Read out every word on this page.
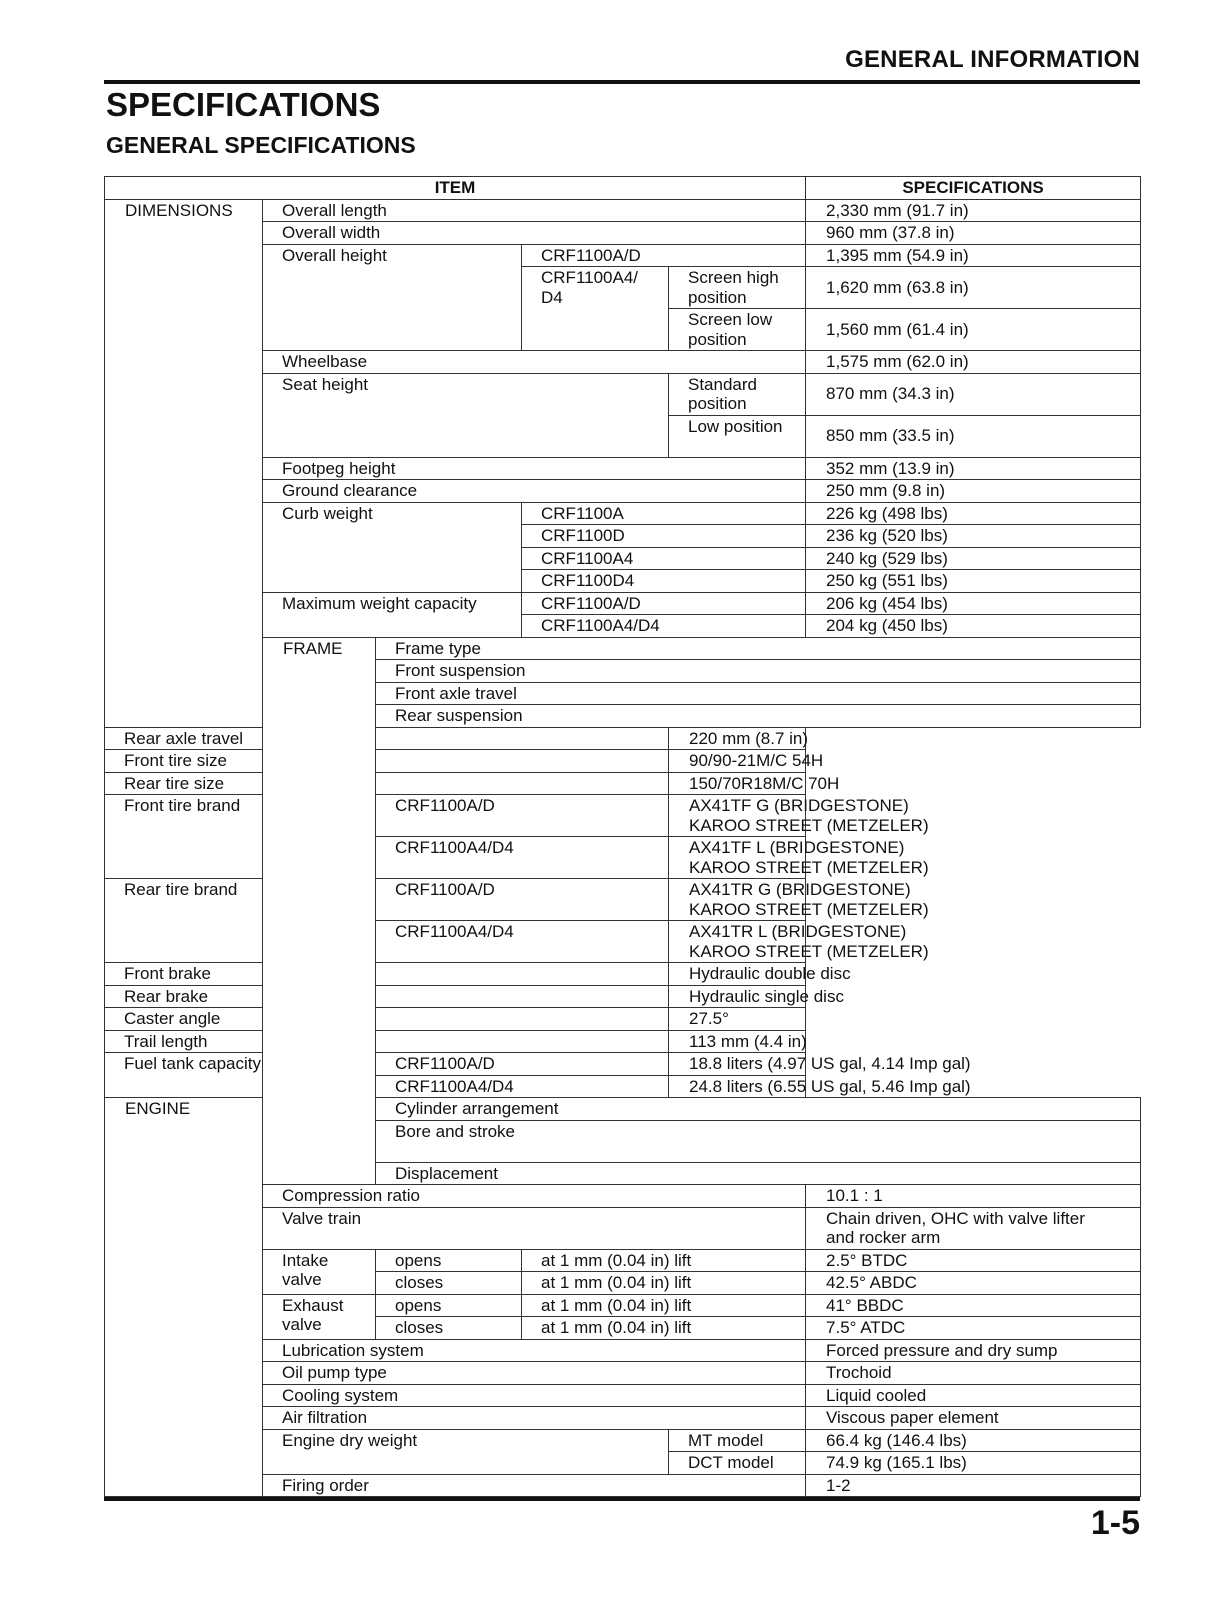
GENERAL INFORMATION
SPECIFICATIONS
GENERAL SPECIFICATIONS
ITEM					SPECIFICATIONS	
DIMENSIONS	Overall length				2,330 mm (91.7 in)	
	Overall width				960 mm (37.8 in)	
	Overall height		CRF1100A/D		1,395 mm (54.9 in)	
			CRF1100A4/ D4	Screen high position	1,620 mm (63.8 in)	
				Screen low position	1,560 mm (61.4 in)	
	Wheelbase				1,575 mm (62.0 in)	
	Seat height			Standard position	870 mm (34.3 in)	
				Low position	850 mm (33.5 in)	
	Footpeg height				352 mm (13.9 in)	
	Ground clearance				250 mm (9.8 in)	
	Curb weight		CRF1100A		226 kg (498 lbs)	
			CRF1100D		236 kg (520 lbs)	
			CRF1100A4		240 kg (529 lbs)	
			CRF1100D4		250 kg (551 lbs)	
	Maximum weight capacity		CRF1100A/D		206 kg (454 lbs)	
			CRF1100A4/D4		204 kg (450 lbs)	
	FRAME	Frame type	
		Front suspension	
		Front axle travel	
		Rear suspension	
Rear axle travel				220 mm (8.7 in)		
Front tire size				90/90-21M/C 54H		
Rear tire size				150/70R18M/C 70H		
Front tire brand		CRF1100A/D		AX41TF G (BRIDGESTONE)
KAROO STREET (METZELER)		
		CRF1100A4/D4		AX41TF L (BRIDGESTONE)
KAROO STREET (METZELER)		
Rear tire brand		CRF1100A/D		AX41TR G (BRIDGESTONE)
KAROO STREET (METZELER)		
		CRF1100A4/D4		AX41TR L (BRIDGESTONE)
KAROO STREET (METZELER)		
Front brake				Hydraulic double disc		
Rear brake				Hydraulic single disc		
Caster angle				27.5°		
Trail length				113 mm (4.4 in)		
Fuel tank capacity		CRF1100A/D		18.8 liters (4.97 US gal, 4.14 Imp gal)		
		CRF1100A4/D4		24.8 liters (6.55 US gal, 5.46 Imp gal)		
ENGINE		Cylinder arrangement	
		Bore and stroke	

		Displacement	
	Compression ratio				10.1 : 1	
	Valve train				Chain driven, OHC with valve lifter
and rocker arm	
	Intake valve	opens	at 1 mm (0.04 in) lift		2.5° BTDC	
		closes	at 1 mm (0.04 in) lift		42.5° ABDC	
	Exhaust valve	opens	at 1 mm (0.04 in) lift		41° BBDC	
		closes	at 1 mm (0.04 in) lift		7.5° ATDC	
	Lubrication system				Forced pressure and dry sump	
	Oil pump type				Trochoid	
	Cooling system				Liquid cooled	
	Air filtration				Viscous paper element	
	Engine dry weight			MT model	66.4 kg (146.4 lbs)	
				DCT model	74.9 kg (165.1 lbs)	
	Firing order				1-2	
1-5
